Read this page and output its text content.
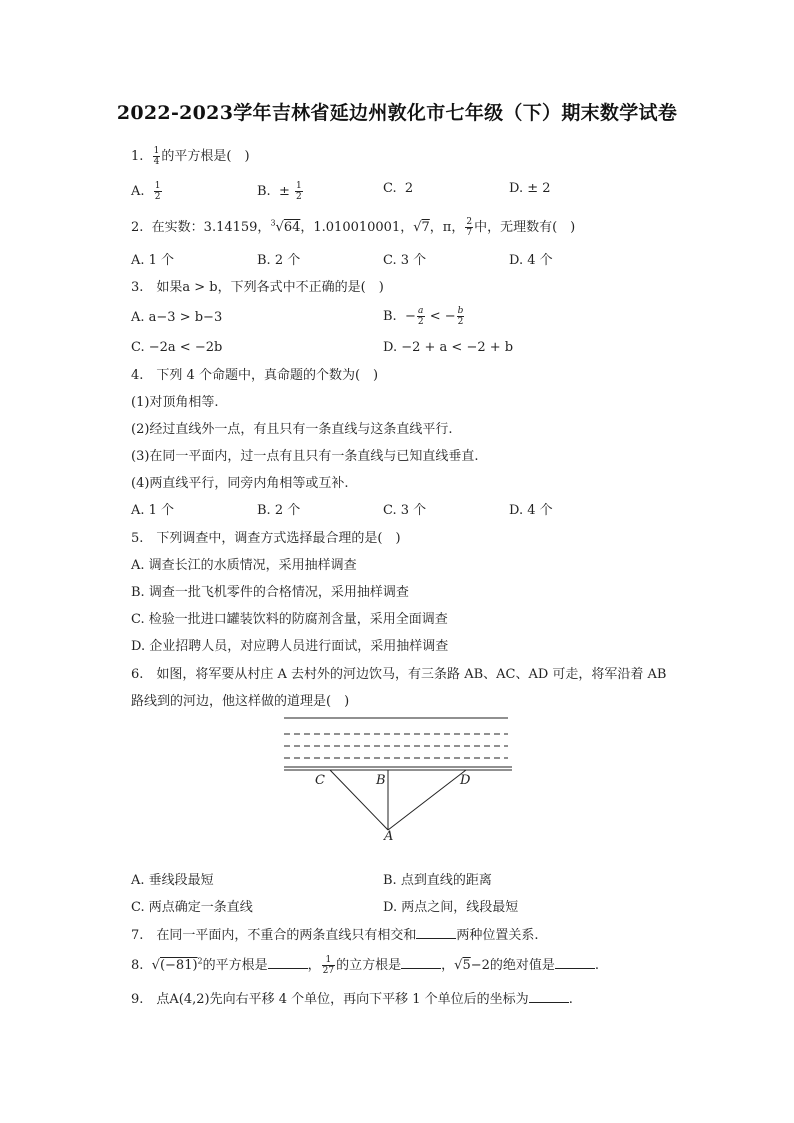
2022-2023学年吉林省延边州敦化市七年级（下）期末数学试卷
1. $\frac{1}{4}$ 的平方根是( )
A. $\frac{1}{2}$	B. ± $\frac{1}{2}$	C. 2	D. ± 2
2. 在实数：3.14159，$^3$√64，1.010010001，√7，π， $\frac{2}{7}$ 中，无理数有( )
A. 1 个	B. 2 个	C. 3 个	D. 4 个
3. 如果a > b，下列各式中不正确的是( )
A. a−3 > b−3	B. − $\frac{a}{2}$ < − $\frac{b}{2}$
C. −2a < −2b	D. −2 + a < −2 + b
4. 下列 4 个命题中，真命题的个数为( )
(1)对顶角相等.
(2)经过直线外一点，有且只有一条直线与这条直线平行.
(3)在同一平面内，过一点有且只有一条直线与已知直线垂直.
(4)两直线平行，同旁内角相等或互补.
A. 1 个	B. 2 个	C. 3 个	D. 4 个
5. 下列调查中，调查方式选择最合理的是( )
A. 调查长江的水质情况，采用抽样调查
B. 调查一批飞机零件的合格情况，采用抽样调查
C. 检验一批进口罐装饮料的防腐剂含量，采用全面调查
D. 企业招聘人员，对应聘人员进行面试，采用抽样调查
6. 如图，将军要从村庄 A 去村外的河边饮马，有三条路 AB、AC、AD 可走，将军沿着 AB
路线到的河边，他这样做的道理是( )
C	B	D
A
A. 垂线段最短	B. 点到直线的距离
C. 两点确定一条直线	D. 两点之间，线段最短
7. 在同一平面内，不重合的两条直线只有相交和	两种位置关系.
8.  $√(-81)^2$的平方根是	， $\frac{1}{27}$ 的立方根是	，√5−2的绝对值是	.
9. 点A(4,2)先向右平移 4 个单位，再向下平移 1 个单位后的坐标为	.
